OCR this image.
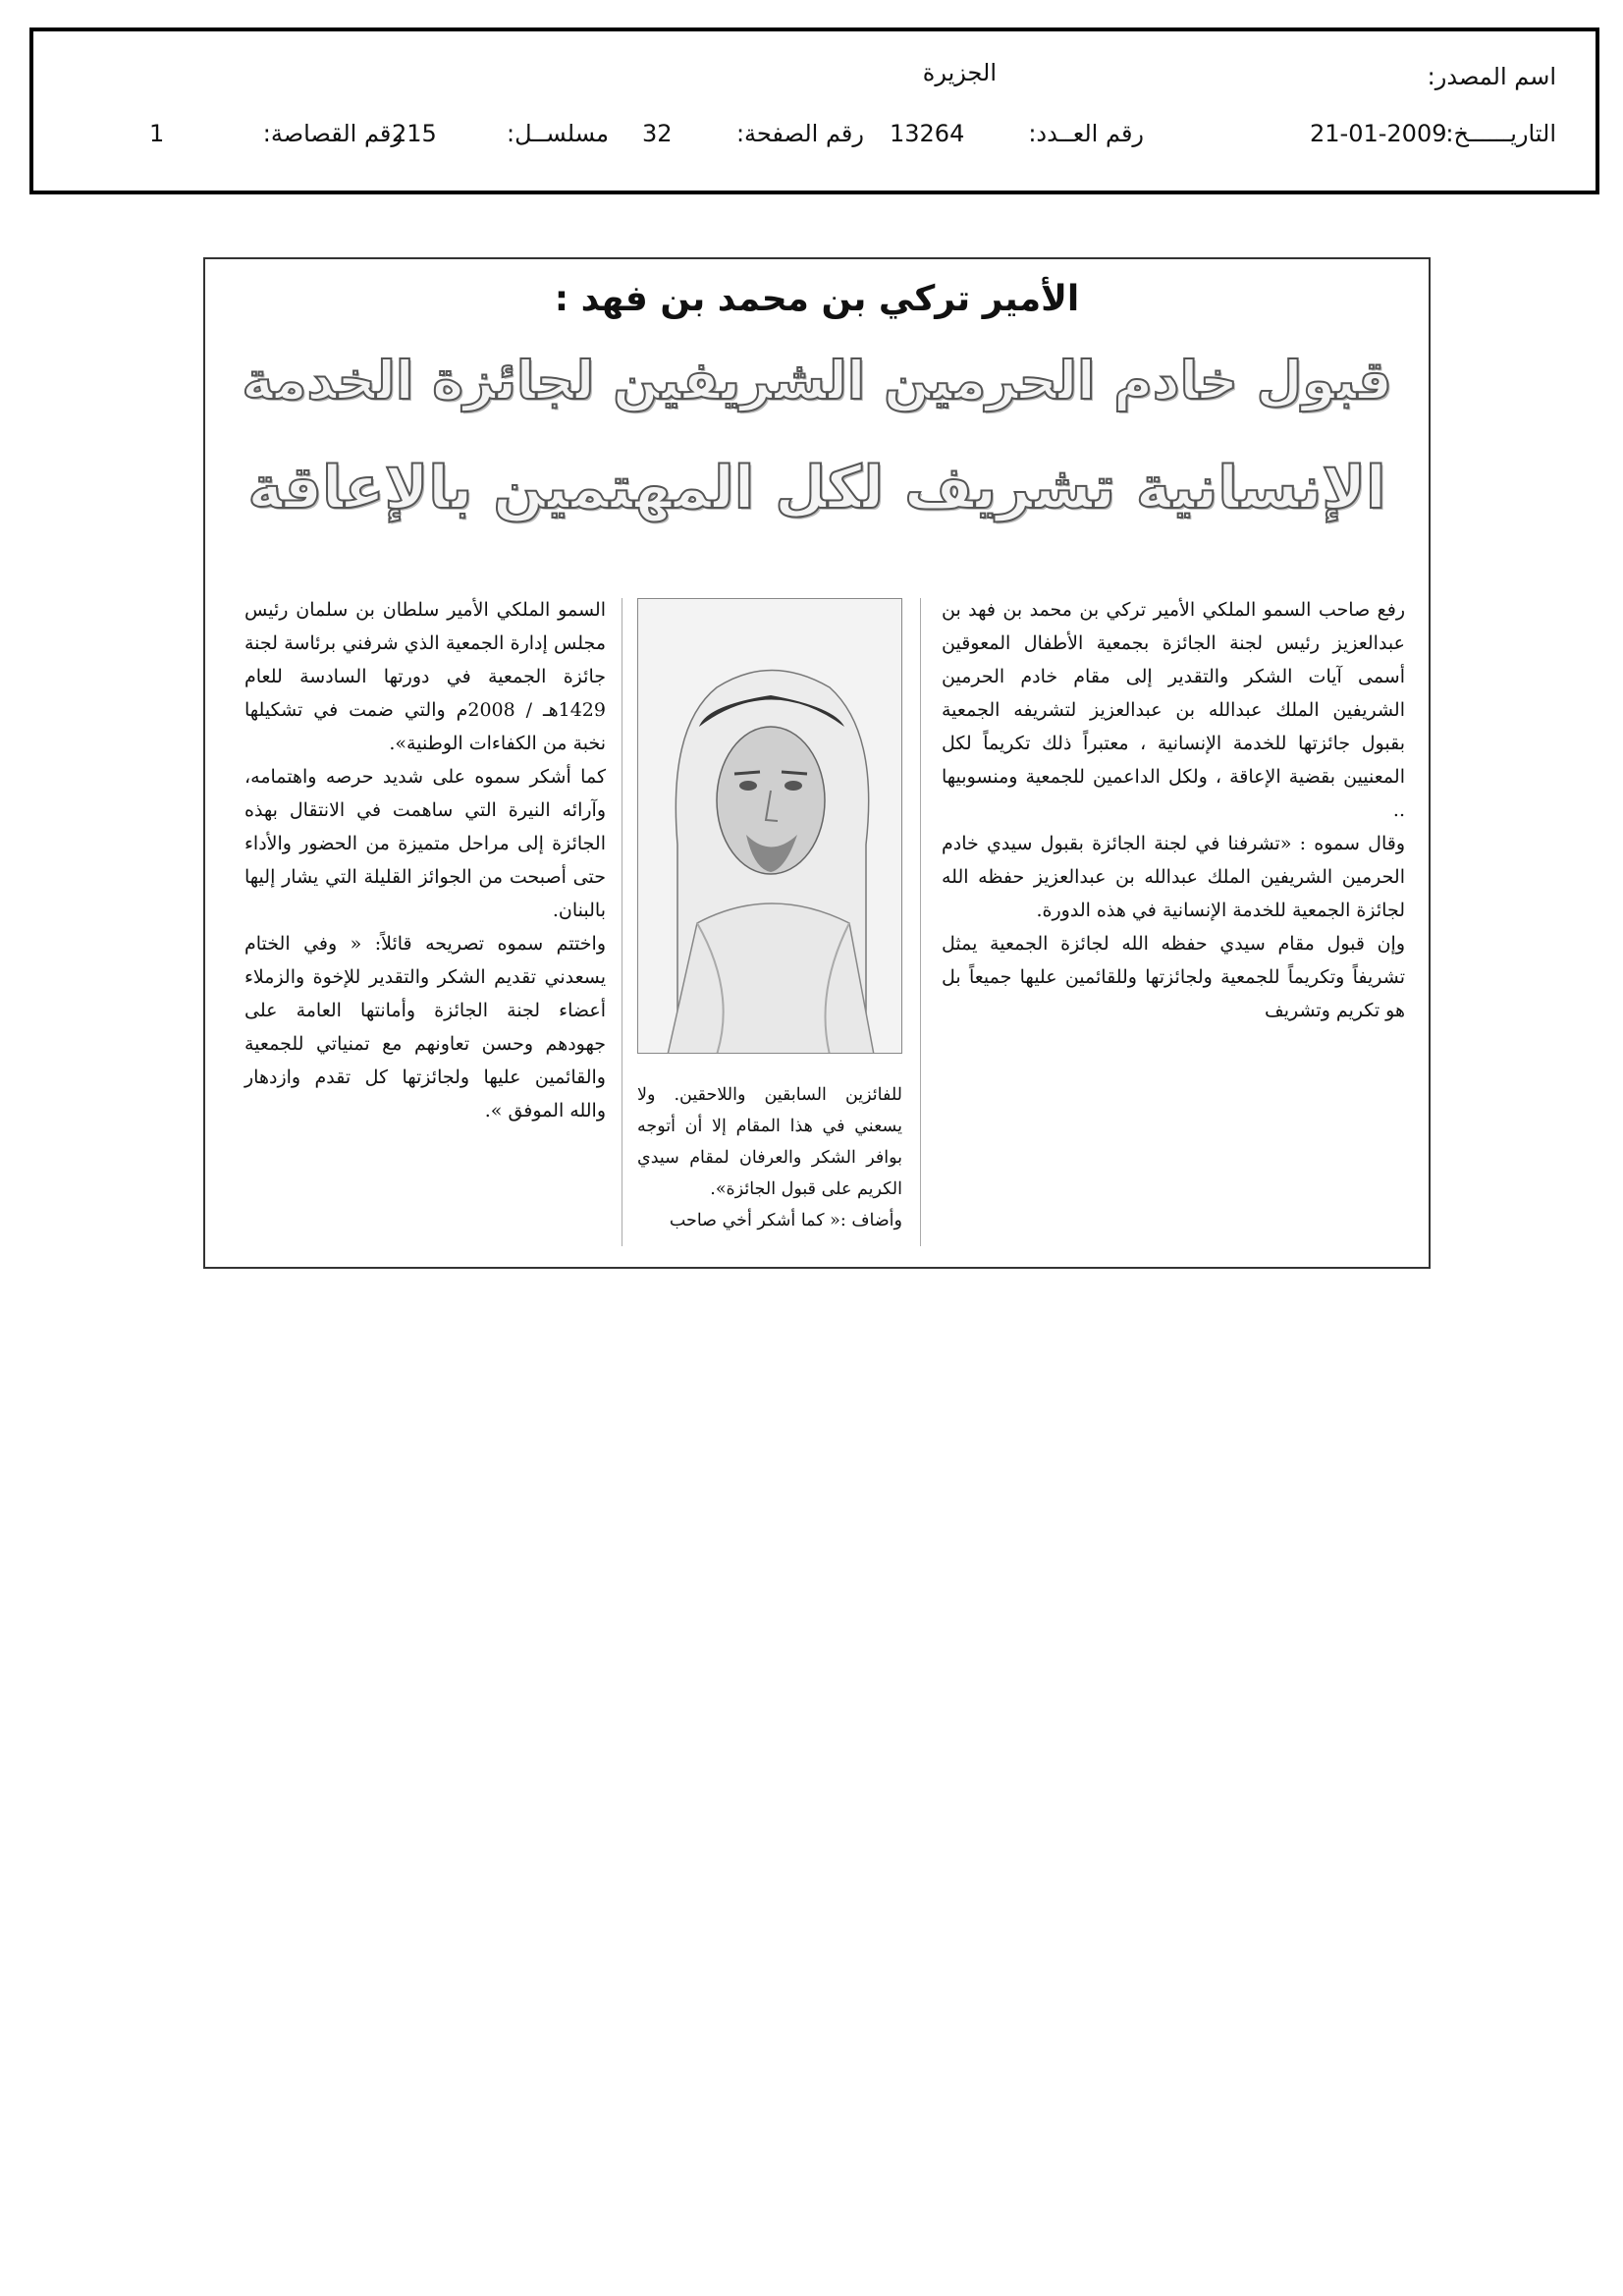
اسم المصدر:
الجزيرة
التاريــــــخ:
21-01-2009
رقم العــدد:
13264
رقم الصفحة:
32
مسلســل:
215
رقم القصاصة:
1
الأمير تركي بن محمد بن فهد :
قبول خادم الحرمين الشريفين لجائزة الخدمة
الإنسانية تشريف لكل المهتمين بالإعاقة

رفع صاحب السمو الملكي الأمير تركي بن محمد بن فهد بن عبدالعزيز رئيس لجنة الجائزة بجمعية الأطفال المعوقين أسمى آيات الشكر والتقدير إلى مقام خادم الحرمين الشريفين الملك عبدالله بن عبدالعزيز لتشريفه الجمعية بقبول جائزتها للخدمة الإنسانية ، معتبراً ذلك تكريماً لكل المعنيين بقضية الإعاقة ، ولكل الداعمين للجمعية ومنسوبيها ..

وقال سموه : «تشرفنا في لجنة الجائزة بقبول سيدي خادم الحرمين الشريفين الملك عبدالله بن عبدالعزيز حفظه الله لجائزة الجمعية للخدمة الإنسانية في هذه الدورة.

وإن قبول مقام سيدي حفظه الله لجائزة الجمعية يمثل تشريفاً وتكريماً للجمعية ولجائزتها وللقائمين عليها جميعاً بل هو تكريم وتشريف

للفائزين السابقين واللاحقين. ولا يسعني في هذا المقام إلا أن أتوجه بوافر الشكر والعرفان لمقام سيدي الكريم على قبول الجائزة».

وأضاف :« كما أشكر أخي صاحب

السمو الملكي الأمير سلطان بن سلمان رئيس مجلس إدارة الجمعية الذي شرفني برئاسة لجنة جائزة الجمعية في دورتها السادسة للعام 1429هـ / 2008م والتي ضمت في تشكيلها نخبة من الكفاءات الوطنية».

كما أشكر سموه على شديد حرصه واهتمامه، وآرائه النيرة التي ساهمت في الانتقال بهذه الجائزة إلى مراحل متميزة من الحضور والأداء حتى أصبحت من الجوائز القليلة التي يشار إليها بالبنان.

واختتم سموه تصريحه قائلاً: « وفي الختام يسعدني تقديم الشكر والتقدير للإخوة والزملاء أعضاء لجنة الجائزة وأمانتها العامة على جهودهم وحسن تعاونهم مع تمنياتي للجمعية والقائمين عليها ولجائزتها كل تقدم وازدهار والله الموفق ».
